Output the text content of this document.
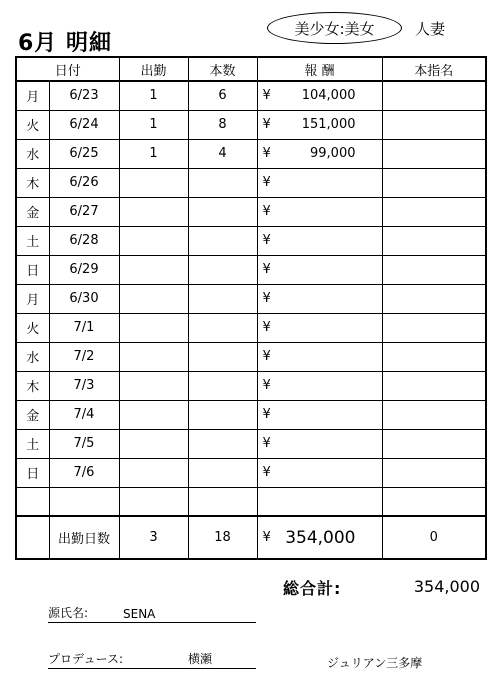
6月 明細
美少女:美女	人妻
日付		出勤	本数	報 酬	本指名
月	6/23	1	6	¥ 104,000	

火	6/24	1	8	¥ 151,000	

水	6/25	1	4	¥ 99,000	

木	6/26			¥	

金	6/27			¥	

土	6/28			¥	

日	6/29			¥	

月	6/30			¥	

火	7/1			¥	

水	7/2			¥	

木	7/3			¥	

金	7/4			¥	

土	7/5			¥	

日	7/6			¥	

	出勤日数	3	18	¥ 354,000	0
総合計:	354,000
源氏名:	SENA
プロデュース:	横瀬	ジュリアン三多摩
